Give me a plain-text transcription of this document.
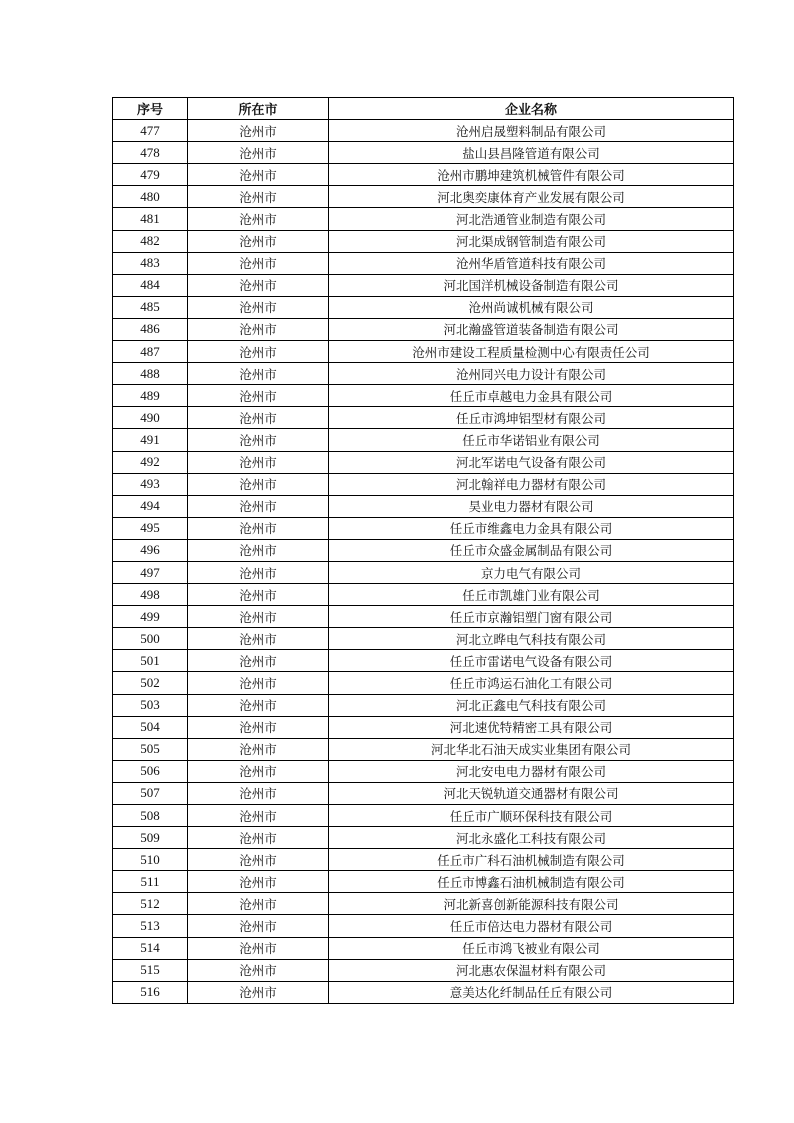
序号	所在市	企业名称
477	沧州市	沧州启晟塑料制品有限公司
478	沧州市	盐山县昌隆管道有限公司
479	沧州市	沧州市鹏坤建筑机械管件有限公司
480	沧州市	河北奥奕康体育产业发展有限公司
481	沧州市	河北浩通管业制造有限公司
482	沧州市	河北渠成钢管制造有限公司
483	沧州市	沧州华盾管道科技有限公司
484	沧州市	河北国洋机械设备制造有限公司
485	沧州市	沧州尚诚机械有限公司
486	沧州市	河北瀚盛管道装备制造有限公司
487	沧州市	沧州市建设工程质量检测中心有限责任公司
488	沧州市	沧州同兴电力设计有限公司
489	沧州市	任丘市卓越电力金具有限公司
490	沧州市	任丘市鸿坤铝型材有限公司
491	沧州市	任丘市华诺铝业有限公司
492	沧州市	河北军诺电气设备有限公司
493	沧州市	河北翰祥电力器材有限公司
494	沧州市	昊业电力器材有限公司
495	沧州市	任丘市维鑫电力金具有限公司
496	沧州市	任丘市众盛金属制品有限公司
497	沧州市	京力电气有限公司
498	沧州市	任丘市凯雄门业有限公司
499	沧州市	任丘市京瀚铝塑门窗有限公司
500	沧州市	河北立晔电气科技有限公司
501	沧州市	任丘市雷诺电气设备有限公司
502	沧州市	任丘市鸿运石油化工有限公司
503	沧州市	河北正鑫电气科技有限公司
504	沧州市	河北速优特精密工具有限公司
505	沧州市	河北华北石油天成实业集团有限公司
506	沧州市	河北安电电力器材有限公司
507	沧州市	河北天锐轨道交通器材有限公司
508	沧州市	任丘市广顺环保科技有限公司
509	沧州市	河北永盛化工科技有限公司
510	沧州市	任丘市广科石油机械制造有限公司
511	沧州市	任丘市博鑫石油机械制造有限公司
512	沧州市	河北新喜创新能源科技有限公司
513	沧州市	任丘市倍达电力器材有限公司
514	沧州市	任丘市鸿飞被业有限公司
515	沧州市	河北惠农保温材料有限公司
516	沧州市	意美达化纤制品任丘有限公司
